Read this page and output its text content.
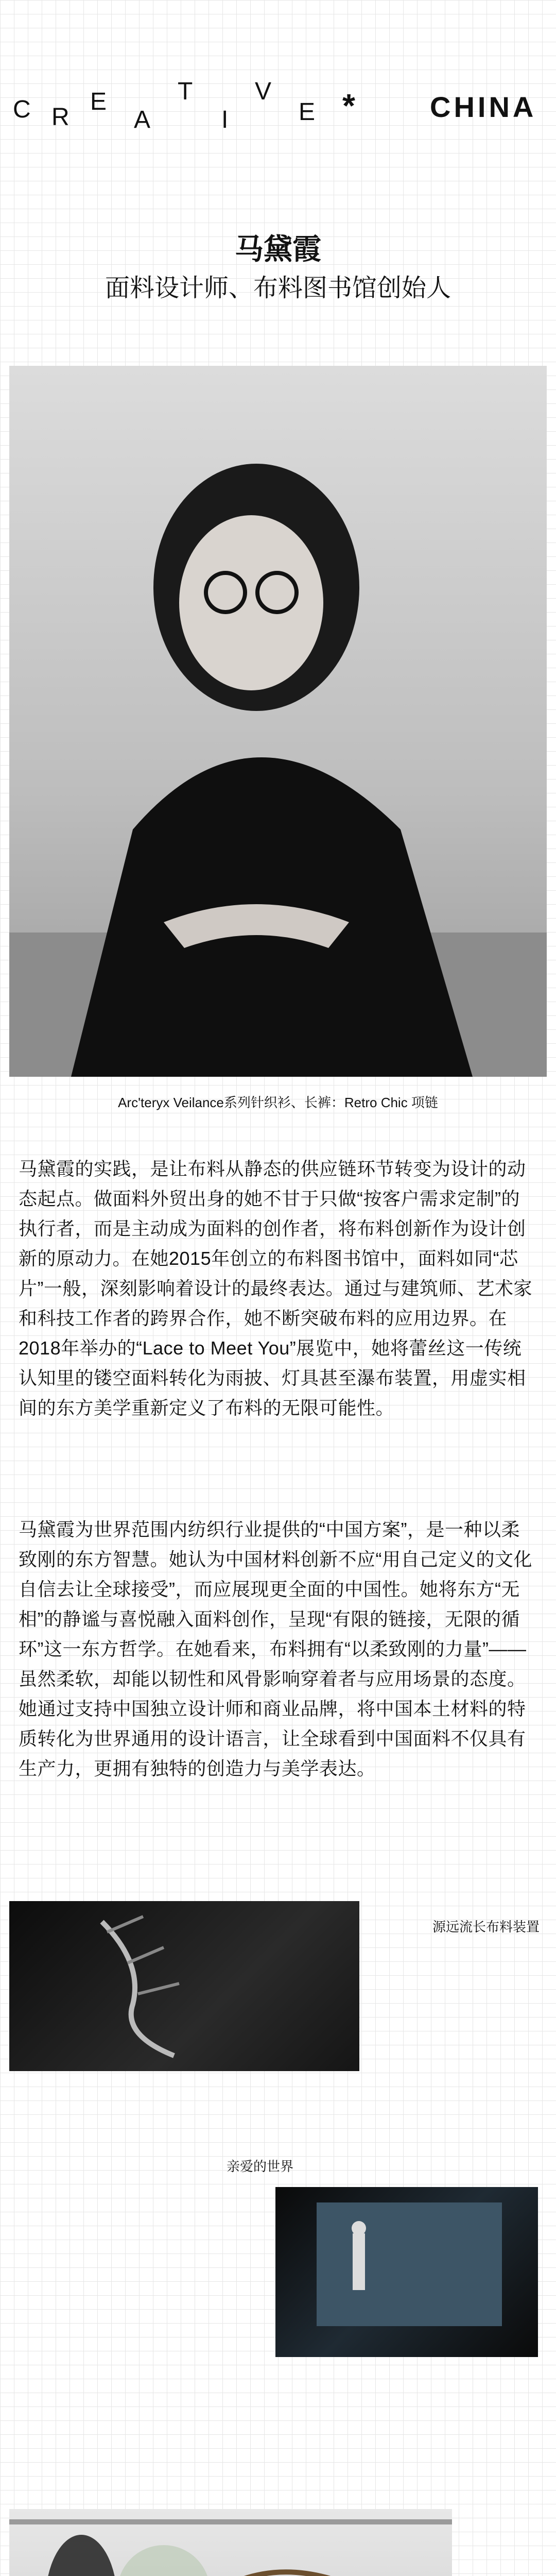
C R
E
A
T
I
V
E *	CHINA
马黛霞
面料设计师、布料图书馆创始人
Arc'teryx Veilance系列针织衫、长裤：Retro Chic 项链
马黛霞的实践，是让布料从静态的供应链环节转变为设计的动态起点。做面料外贸出身的她不甘于只做“按客户需求定制”的执行者，而是主动成为面料的创作者，将布料创新作为设计创新的原动力。在她2015年创立的布料图书馆中，面料如同“芯片”一般，深刻影响着设计的最终表达。通过与建筑师、艺术家和科技工作者的跨界合作，她不断突破布料的应用边界。在2018年举办的“Lace to Meet You”展览中，她将蕾丝这一传统认知里的镂空面料转化为雨披、灯具甚至瀑布装置，用虚实相间的东方美学重新定义了布料的无限可能性。
马黛霞为世界范围内纺织行业提供的“中国方案”，是一种以柔致刚的东方智慧。她认为中国材料创新不应“用自己定义的文化自信去让全球接受”，而应展现更全面的中国性。她将东方“无相”的静谧与喜悦融入面料创作，呈现“有限的链接，无限的循环”这一东方哲学。在她看来，布料拥有“以柔致刚的力量”——虽然柔软，却能以韧性和风骨影响穿着者与应用场景的态度。她通过支持中国独立设计师和商业品牌，将中国本土材料的特质转化为世界通用的设计语言，让全球看到中国面料不仅具有生产力，更拥有独特的创造力与美学表达。
源远流长布料装置
亲爱的世界
